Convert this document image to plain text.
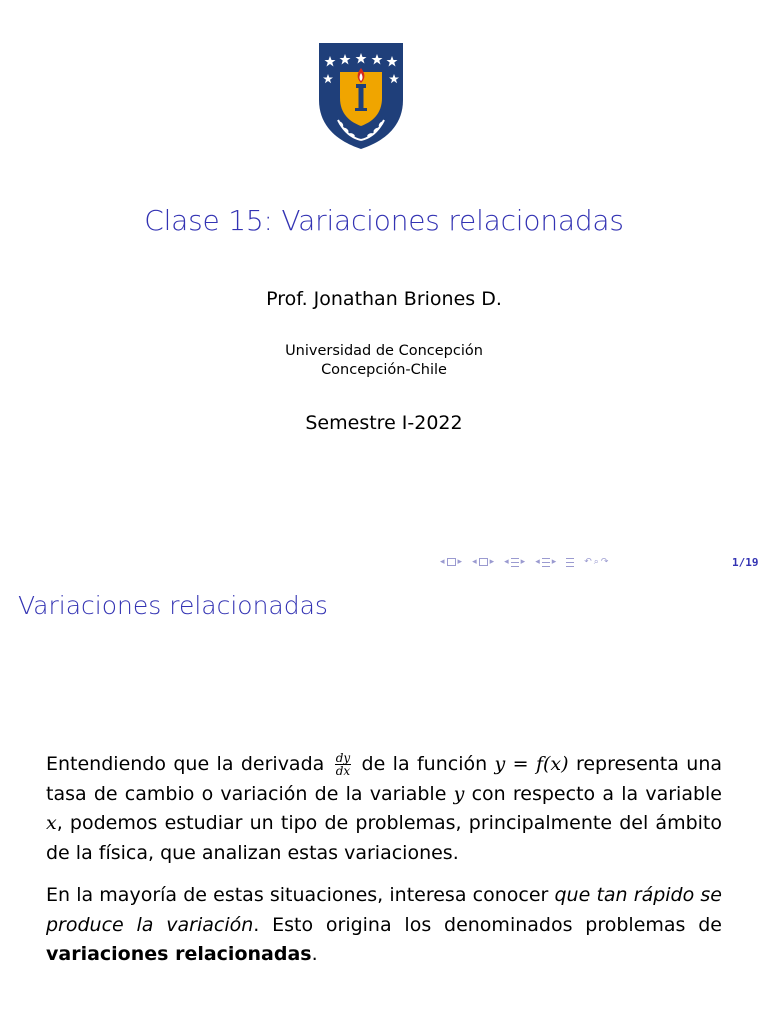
Clase 15: Variaciones relacionadas
Prof. Jonathan Briones D.
Universidad de Concepción
Concepción-Chile
Semestre I-2022
◂ ▸ ◂ ▸ ◂ ▸ ◂ ▸	↶ ⌕ ↷	1/19
Variaciones relacionadas
Entendiendo que la derivada $\frac{dy}{dx}$ de la función y = f(x) representa una tasa de cambio o variación de la variable y con respecto a la variable x, podemos estudiar un tipo de problemas, principalmente del ámbito de la física, que analizan estas variaciones.
En la mayoría de estas situaciones, interesa conocer que tan rápido se produce la variación. Esto origina los denominados problemas de variaciones relacionadas.
